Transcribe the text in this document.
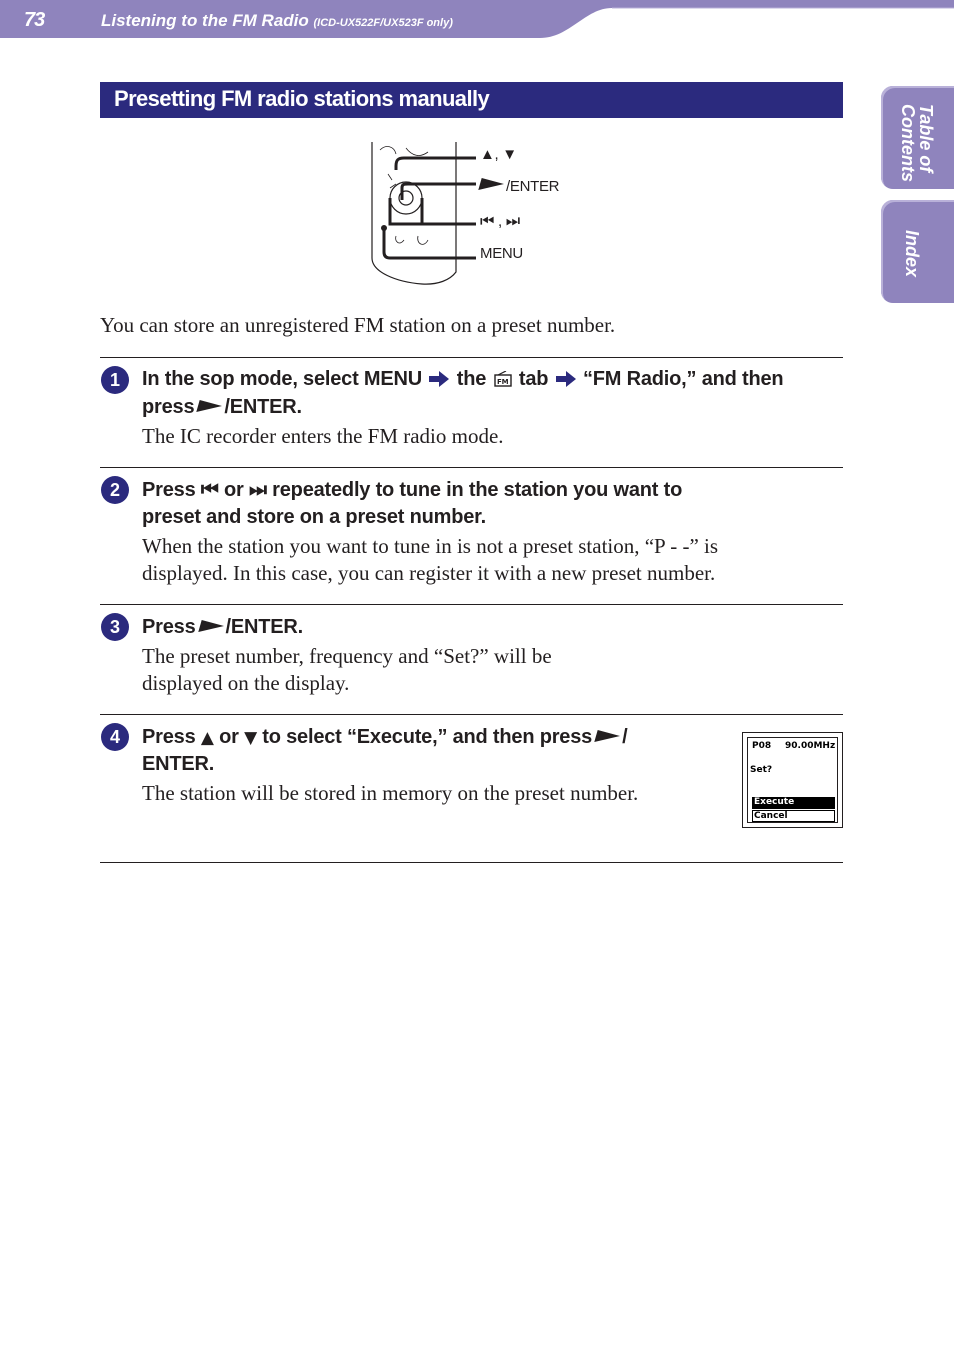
73	Listening to the FM Radio (ICD-UX522F/UX523F only)
Table of
Contents
Index
Presetting FM radio stations manually
▲, ▼
/ENTER
⏮ , ⏭
MENU
You can store an unregistered FM station on a preset number.
1	In the sop mode, select MENU the FM tab “FM Radio,” and then
press /ENTER.
The IC recorder enters the FM radio mode.
2	Press ⏮ or ⏭ repeatedly to tune in the station you want to
preset and store on a preset number.
When the station you want to tune in is not a preset station, “P - -” is
displayed. In this case, you can register it with a new preset number.
3	Press /ENTER.
The preset number, frequency and “Set?” will be
displayed on the display.
4	Press ▲ or ▼ to select “Execute,” and then press /
ENTER.
The station will be stored in memory on the preset number.
P08 90.00MHz
Set?
Execute
Cancel
